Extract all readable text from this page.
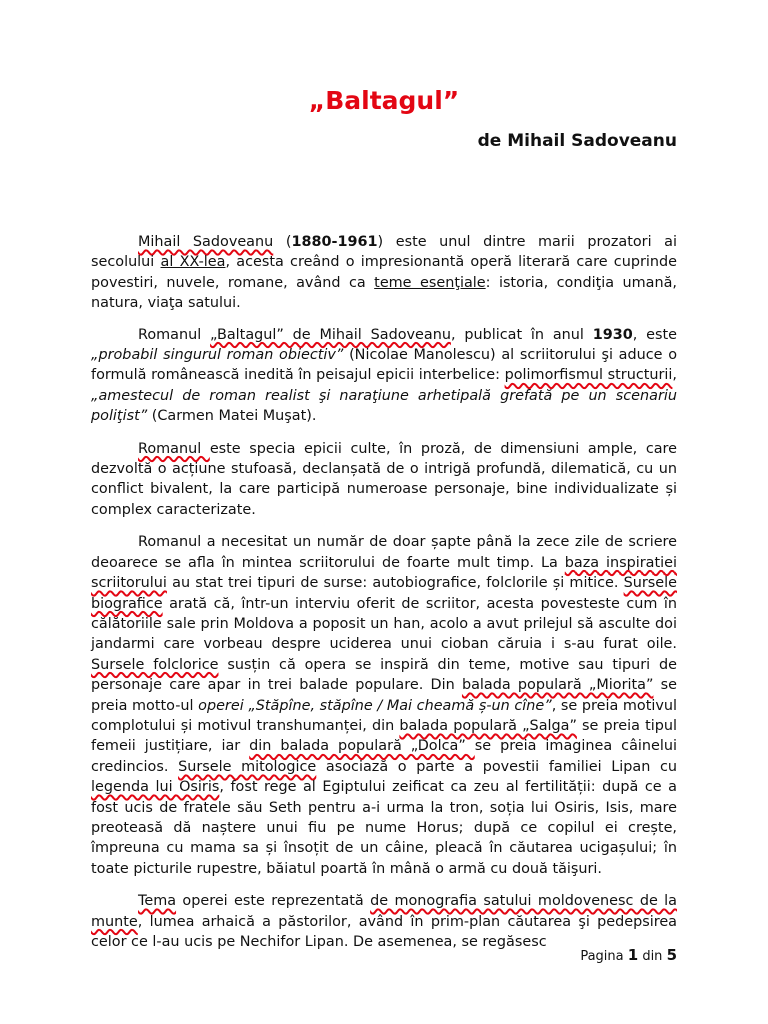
„Baltagul”
de Mihail Sadoveanu

Mihail Sadoveanu (1880-1961) este unul dintre marii prozatori ai secolului al XX-lea, acesta creând o impresionantă operă literară care cuprinde povestiri, nuvele, romane, având ca teme esenţiale: istoria, condiţia umană, natura, viaţa satului.

Romanul „Baltagul” de Mihail Sadoveanu, publicat în anul 1930, este „probabil singurul roman obiectiv” (Nicolae Manolescu) al scriitorului şi aduce o formulă românească inedită în peisajul epicii interbelice: polimorfismul structurii, „amestecul de roman realist şi naraţiune arhetipală grefată pe un scenariu poliţist” (Carmen Matei Muşat).

Romanul este specia epicii culte, în proză, de dimensiuni ample, care dezvoltă o acțiune stufoasă, declanșată de o intrigă profundă, dilematică, cu un conflict bivalent, la care participă numeroase personaje, bine individualizate și complex caracterizate.

Romanul a necesitat un număr de doar șapte până la zece zile de scriere deoarece se afla în mintea scriitorului de foarte mult timp. La baza inspiratiei scriitorului au stat trei tipuri de surse: autobiografice, folclorile și mitice. Sursele biografice arată că, într-un interviu oferit de scriitor, acesta povesteste cum în călătoriile sale prin Moldova a poposit un han, acolo a avut prilejul să asculte doi jandarmi care vorbeau despre uciderea unui cioban căruia i s-au furat oile. Sursele folclorice susțin că opera se inspiră din teme, motive sau tipuri de personaje care apar in trei balade populare. Din balada populară „Miorita” se preia motto-ul operei „Stăpîne, stăpîne / Mai cheamă ș-un cîne”, se preia motivul complotului și motivul transhumanței, din balada populară „Salga” se preia tipul femeii justițiare, iar din balada populară „Dolca” se preia imaginea câinelui credincios. Sursele mitologice asociază o parte a povestii familiei Lipan cu legenda lui Osiris, fost rege al Egiptului zeificat ca zeu al fertilității: după ce a fost ucis de fratele său Seth pentru a-i urma la tron, soția lui Osiris, Isis, mare preoteasă dă naștere unui fiu pe nume Horus; după ce copilul ei crește, împreuna cu mama sa și însoțit de un câine, pleacă în căutarea ucigașului; în toate picturile rupestre, băiatul poartă în mână o armă cu două tăişuri.

Tema operei este reprezentată de monografia satului moldovenesc de la munte, lumea arhaică a păstorilor, având în prim-plan căutarea şi pedepsirea celor ce l-au ucis pe Nechifor Lipan. De asemenea, se regăsesc

Pagina 1 din 5
